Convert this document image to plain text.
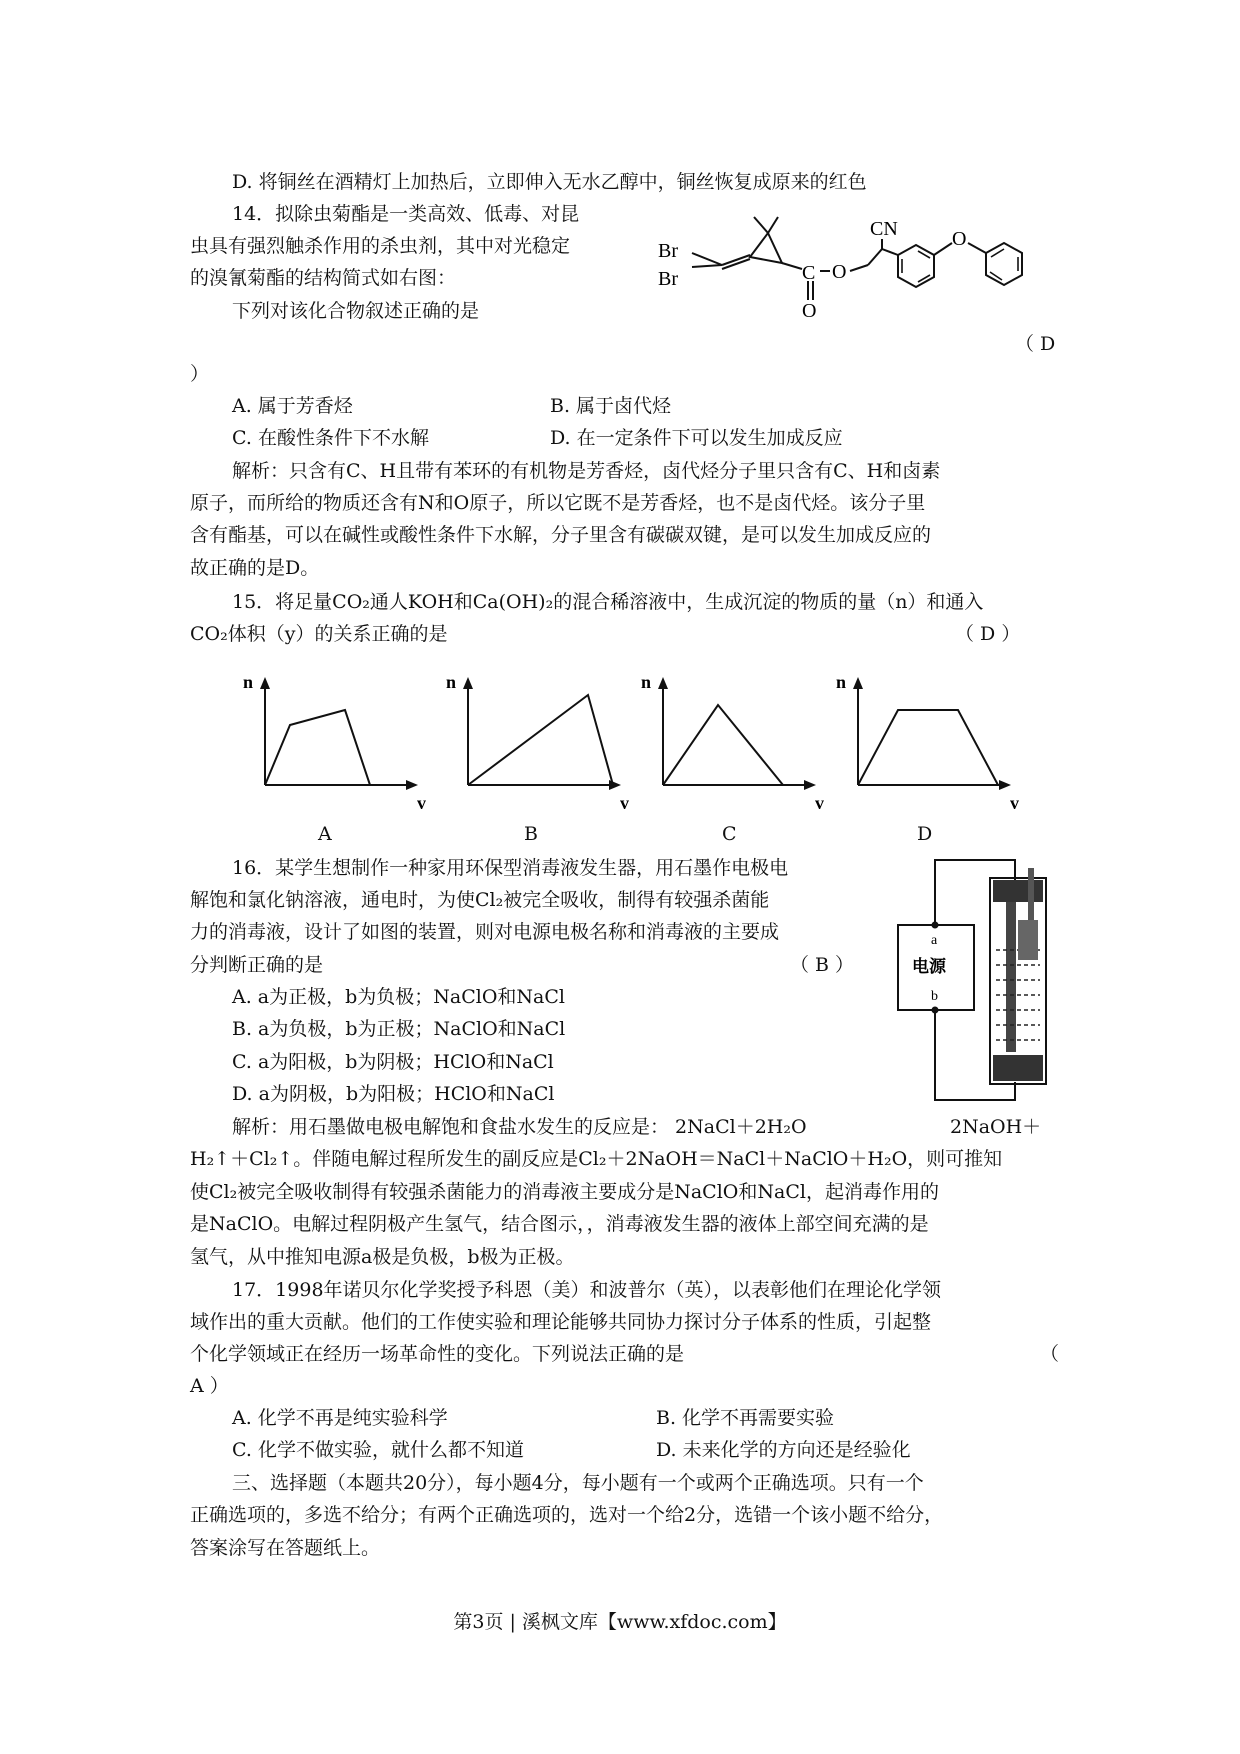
D. 将铜丝在酒精灯上加热后，立即伸入无水乙醇中，铜丝恢复成原来的红色
14．拟除虫菊酯是一类高效、低毒、对昆
虫具有强烈触杀作用的杀虫剂，其中对光稳定
的溴氰菊酯的结构简式如右图：
下列对该化合物叙述正确的是
（ D
）
Br
Br	C
O
O
CN	O
A. 属于芳香烃	B. 属于卤代烃
C. 在酸性条件下不水解	D. 在一定条件下可以发生加成反应
解析：只含有C、H且带有苯环的有机物是芳香烃，卤代烃分子里只含有C、H和卤素
原子，而所给的物质还含有N和O原子，所以它既不是芳香烃，也不是卤代烃。该分子里
含有酯基，可以在碱性或酸性条件下水解，分子里含有碳碳双键，是可以发生加成反应的
故正确的是D。
15．将足量CO₂通人KOH和Ca(OH)₂的混合稀溶液中，生成沉淀的物质的量（n）和通入
CO₂体积（y）的关系正确的是	（ D ）
n
v
n
v
n
v
n
v
A	B	C	D
16．某学生想制作一种家用环保型消毒液发生器，用石墨作电极电
解饱和氯化钠溶液，通电时，为使Cl₂被完全吸收，制得有较强杀菌能
力的消毒液，设计了如图的装置，则对电源电极名称和消毒液的主要成
分判断正确的是	（ B ）
A. a为正极，b为负极；NaClO和NaCl
B. a为负极，b为正极；NaClO和NaCl
C. a为阳极，b为阴极；HClO和NaCl
D. a为阴极，b为阳极；HClO和NaCl
a
电源
b
解析：用石墨做电极电解饱和食盐水发生的反应是： 2NaCl＋2H₂O	2NaOH＋
H₂↑＋Cl₂↑。伴随电解过程所发生的副反应是Cl₂＋2NaOH＝NaCl＋NaClO＋H₂O，则可推知
使Cl₂被完全吸收制得有较强杀菌能力的消毒液主要成分是NaClO和NaCl，起消毒作用的
是NaClO。电解过程阴极产生氢气，结合图示，，消毒液发生器的液体上部空间充满的是
氢气，从中推知电源a极是负极，b极为正极。
17．1998年诺贝尔化学奖授予科恩（美）和波普尔（英），以表彰他们在理论化学领
域作出的重大贡献。他们的工作使实验和理论能够共同协力探讨分子体系的性质，引起整
个化学领域正在经历一场革命性的变化。下列说法正确的是	（
A ）
A. 化学不再是纯实验科学	B. 化学不再需要实验
C. 化学不做实验，就什么都不知道	D. 未来化学的方向还是经验化
三、选择题（本题共20分），每小题4分，每小题有一个或两个正确选项。只有一个
正确选项的，多选不给分；有两个正确选项的，选对一个给2分，选错一个该小题不给分，
答案涂写在答题纸上。
第3页 | 溪枫文库【www.xfdoc.com】
